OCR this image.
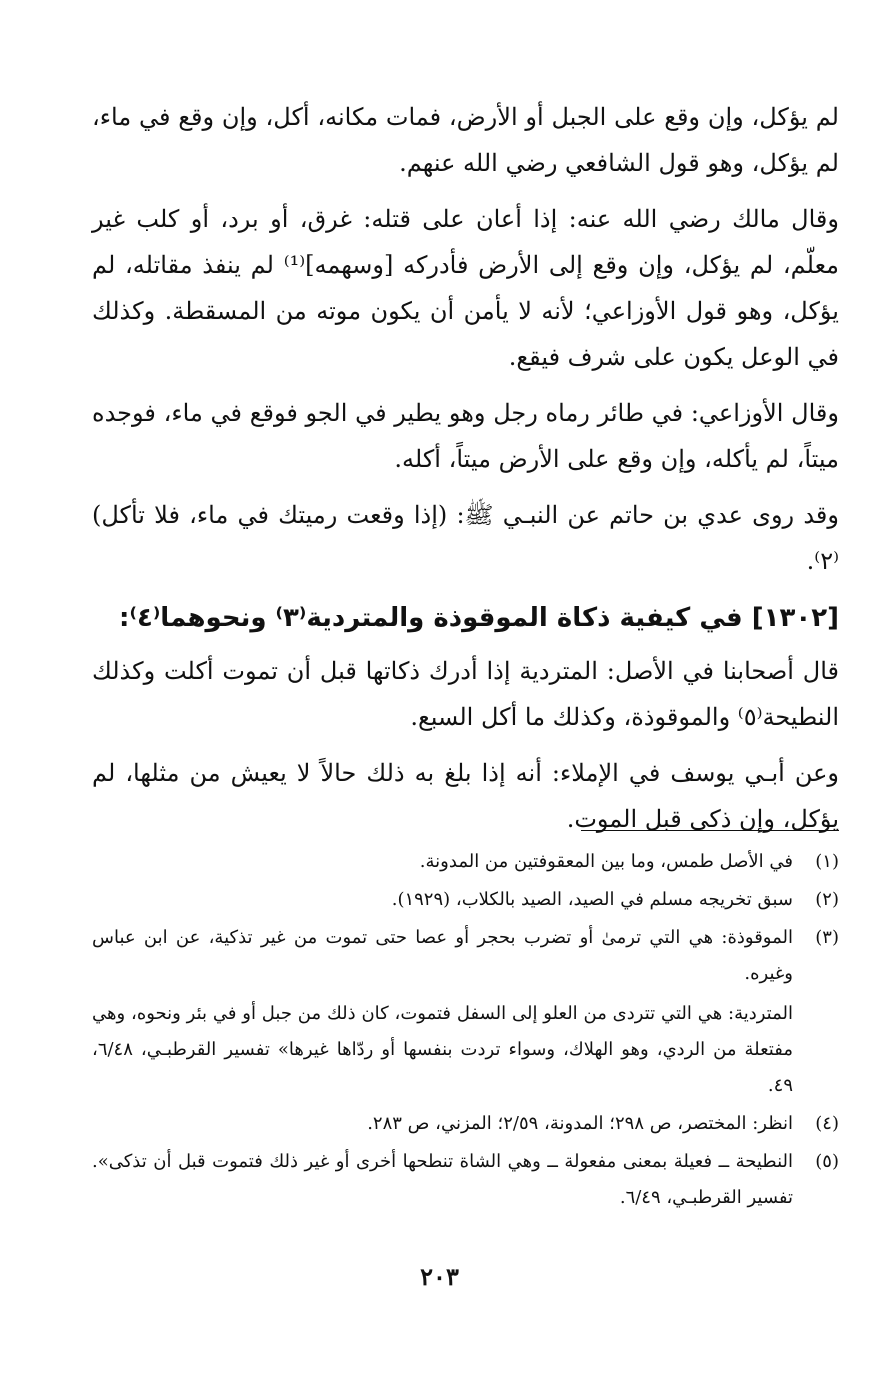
لم يؤكل، وإن وقع على الجبل أو الأرض، فمات مكانه، أكل، وإن وقع في ماء، لم يؤكل، وهو قول الشافعي رضي الله عنهم.

وقال مالك رضي الله عنه: إذا أعان على قتله: غرق، أو برد، أو كلب غير معلّم، لم يؤكل، وإن وقع إلى الأرض فأدركه [وسهمه]⁽¹⁾ لم ينفذ مقاتله، لم يؤكل، وهو قول الأوزاعي؛ لأنه لا يأمن أن يكون موته من المسقطة. وكذلك في الوعل يكون على شرف فيقع.

وقال الأوزاعي: في طائر رماه رجل وهو يطير في الجو فوقع في ماء، فوجده ميتاً، لم يأكله، وإن وقع على الأرض ميتاً، أكله.

وقد روى عدي بن حاتم عن النبـي ﷺ: (إذا وقعت رميتك في ماء، فلا تأكل)⁽٢⁾.

[١٣٠٢] في كيفية ذكاة الموقوذة والمتردية⁽٣⁾ ونحوهما⁽٤⁾:

قال أصحابنا في الأصل: المتردية إذا أدرك ذكاتها قبل أن تموت أكلت وكذلك النطيحة⁽٥⁾ والموقوذة، وكذلك ما أكل السبع.

وعن أبـي يوسف في الإملاء: أنه إذا بلغ به ذلك حالاً لا يعيش من مثلها، لم يؤكل، وإن ذكى قبل الموت.

(١)
في الأصل طمس، وما بين المعقوفتين من المدونة.
(٢)
سبق تخريجه مسلم في الصيد، الصيد بالكلاب، (١٩٢٩).
(٣)
الموقوذة: هي التي ترمىٰ أو تضرب بحجر أو عصا حتى تموت من غير تذكية، عن ابن عباس وغيره.
المتردية: هي التي تتردى من العلو إلى السفل فتموت، كان ذلك من جبل أو في بئر ونحوه، وهي مفتعلة من الردي، وهو الهلاك، وسواء تردت بنفسها أو ردّاها غيرها» تفسير القرطبـي، ٦/٤٨، ٤٩.
(٤)
انظر: المختصر، ص ٢٩٨؛ المدونة، ٢/٥٩؛ المزني، ص ٢٨٣.
(٥)
النطيحة ــ فعيلة بمعنى مفعولة ــ وهي الشاة تنطحها أخرى أو غير ذلك فتموت قبل أن تذكى». تفسير القرطبـي، ٦/٤٩.
٢٠٣
